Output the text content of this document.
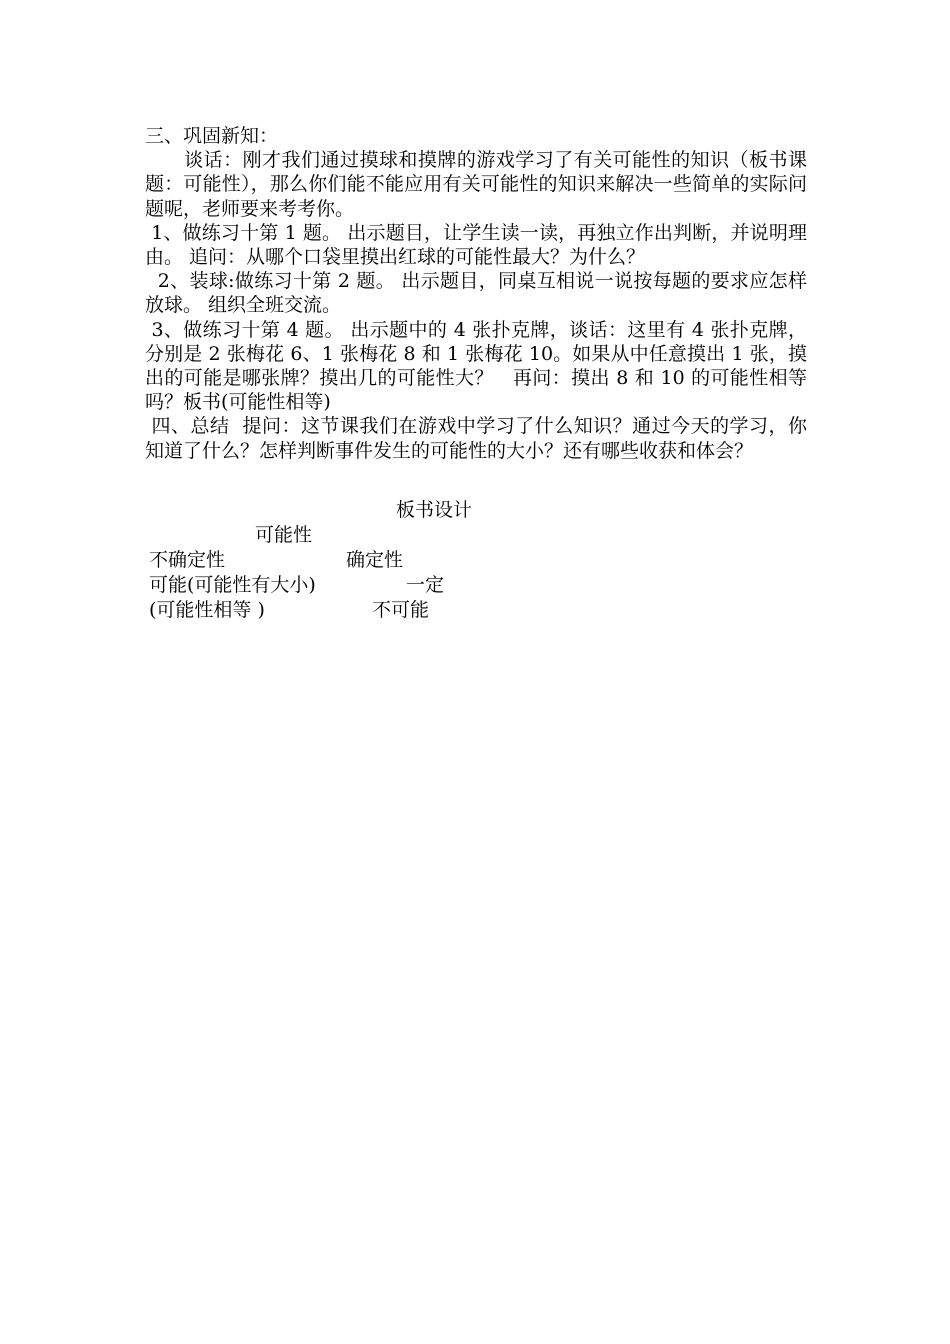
三、巩固新知：

谈话：刚才我们通过摸球和摸牌的游戏学习了有关可能性的知识（板书课题：可能性），那么你们能不能应用有关可能性的知识来解决一些简单的实际问题呢，老师要来考考你。

1、做练习十第 1 题。 出示题目，让学生读一读，再独立作出判断，并说明理由。 追问：从哪个口袋里摸出红球的可能性最大？为什么？

2、装球:做练习十第 2 题。 出示题目，同桌互相说一说按每题的要求应怎样放球。 组织全班交流。

3、做练习十第 4 题。 出示题中的 4 张扑克牌，谈话：这里有 4 张扑克牌，分别是 2 张梅花 6、1 张梅花 8 和 1 张梅花 10。如果从中任意摸出 1 张，摸出的可能是哪张牌？摸出几的可能性大？   再问：摸出 8 和 10 的可能性相等吗？板书(可能性相等)

四、总结  提问：这节课我们在游戏中学习了什么知识？通过今天的学习，你知道了什么？怎样判断事件发生的可能性的大小？还有哪些收获和体会？

板书设计
可能性
不确定性	确定性
可能(可能性有大小)	一定
(可能性相等 )	不可能
